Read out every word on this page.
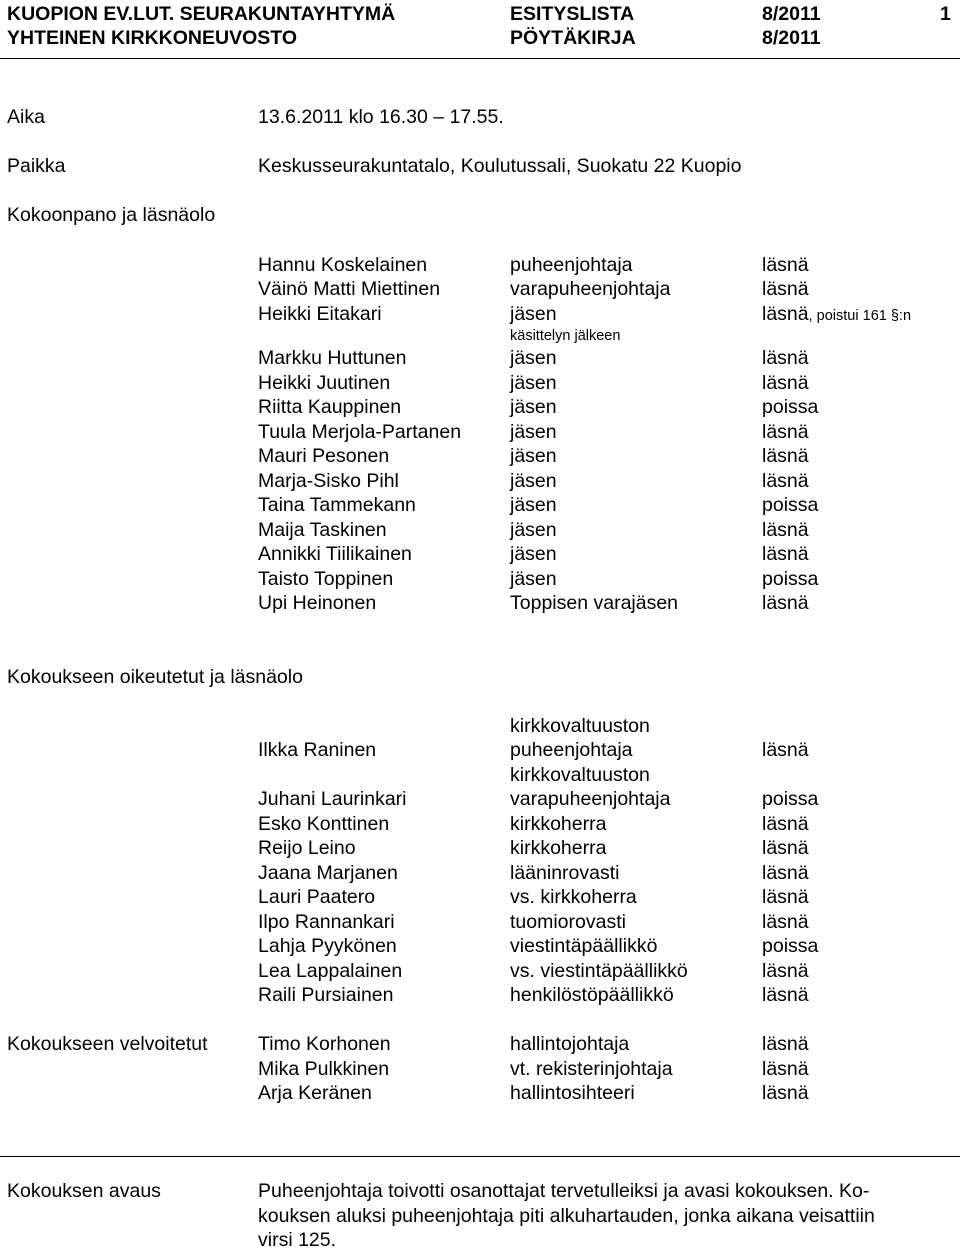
KUOPION EV.LUT. SEURAKUNTAYHTYMÄ
YHTEINEN KIRKKONEUVOSTO
ESITYSLISTA
PÖYTÄKIRJA
8/2011
8/2011
1
Aika	13.6.2011 klo 16.30 – 17.55.
Paikka	Keskusseurakuntatalo, Koulutussali, Suokatu 22 Kuopio
Kokoonpano ja läsnäolo
Hannu Koskelainen	puheenjohtaja	läsnä
Väinö Matti Miettinen	varapuheenjohtaja	läsnä
Heikki Eitakari	jäsen	läsnä, poistui 161 §:n
käsittelyn jälkeen
Markku Huttunen	jäsen	läsnä
Heikki Juutinen	jäsen	läsnä
Riitta Kauppinen	jäsen	poissa
Tuula Merjola-Partanen	jäsen	läsnä
Mauri Pesonen	jäsen	läsnä
Marja-Sisko Pihl	jäsen	läsnä
Taina Tammekann	jäsen	poissa
Maija Taskinen	jäsen	läsnä
Annikki Tiilikainen	jäsen	läsnä
Taisto Toppinen	jäsen	poissa
Upi Heinonen	Toppisen varajäsen	läsnä
Kokoukseen oikeutetut ja läsnäolo
kirkkovaltuuston
Ilkka Raninen	puheenjohtaja	läsnä
kirkkovaltuuston
Juhani Laurinkari	varapuheenjohtaja	poissa
Esko Konttinen	kirkkoherra	läsnä
Reijo Leino	kirkkoherra	läsnä
Jaana Marjanen	lääninrovasti	läsnä
Lauri Paatero	vs. kirkkoherra	läsnä
Ilpo Rannankari	tuomiorovasti	läsnä
Lahja Pyykönen	viestintäpäällikkö	poissa
Lea Lappalainen	vs. viestintäpäällikkö	läsnä
Raili Pursiainen	henkilöstöpäällikkö	läsnä
Kokoukseen velvoitetut	Timo Korhonen	hallintojohtaja	läsnä
Mika Pulkkinen	vt. rekisterinjohtaja	läsnä
Arja Keränen	hallintosihteeri	läsnä
Kokouksen avaus	Puheenjohtaja toivotti osanottajat tervetulleiksi ja avasi kokouksen. Ko-
kouksen aluksi puheenjohtaja piti alkuhartauden, jonka aikana veisattiin
virsi 125.
